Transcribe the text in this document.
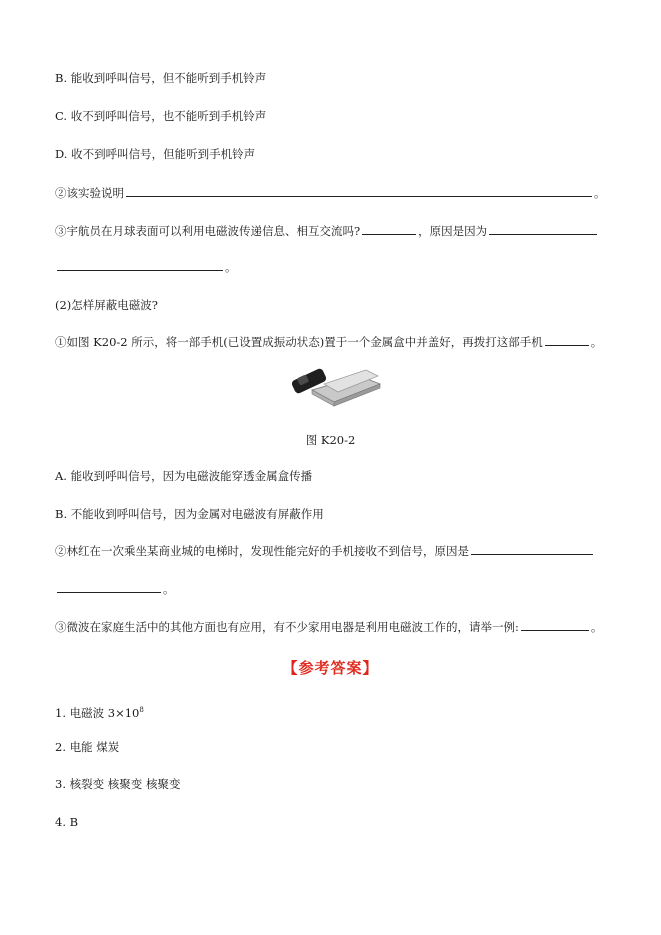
B. 能收到呼叫信号，但不能听到手机铃声
C. 收不到呼叫信号，也不能听到手机铃声
D. 收不到呼叫信号，但能听到手机铃声
②该实验说明	。
③宇航员在月球表面可以利用电磁波传递信息、相互交流吗?	，原因是因为
。
(2)怎样屏蔽电磁波?
①如图 K20-2 所示，将一部手机(已设置成振动状态)置于一个金属盒中并盖好，再拨打这部手机	。
图 K20-2
A. 能收到呼叫信号，因为电磁波能穿透金属盒传播
B. 不能收到呼叫信号，因为金属对电磁波有屏蔽作用
②林红在一次乘坐某商业城的电梯时，发现性能完好的手机接收不到信号，原因是
。
③微波在家庭生活中的其他方面也有应用，有不少家用电器是利用电磁波工作的，请举一例:	。
【参考答案】
1. 电磁波 $3\times 10^8$
2. 电能 煤炭
3. 核裂变 核聚变 核聚变
4. B
